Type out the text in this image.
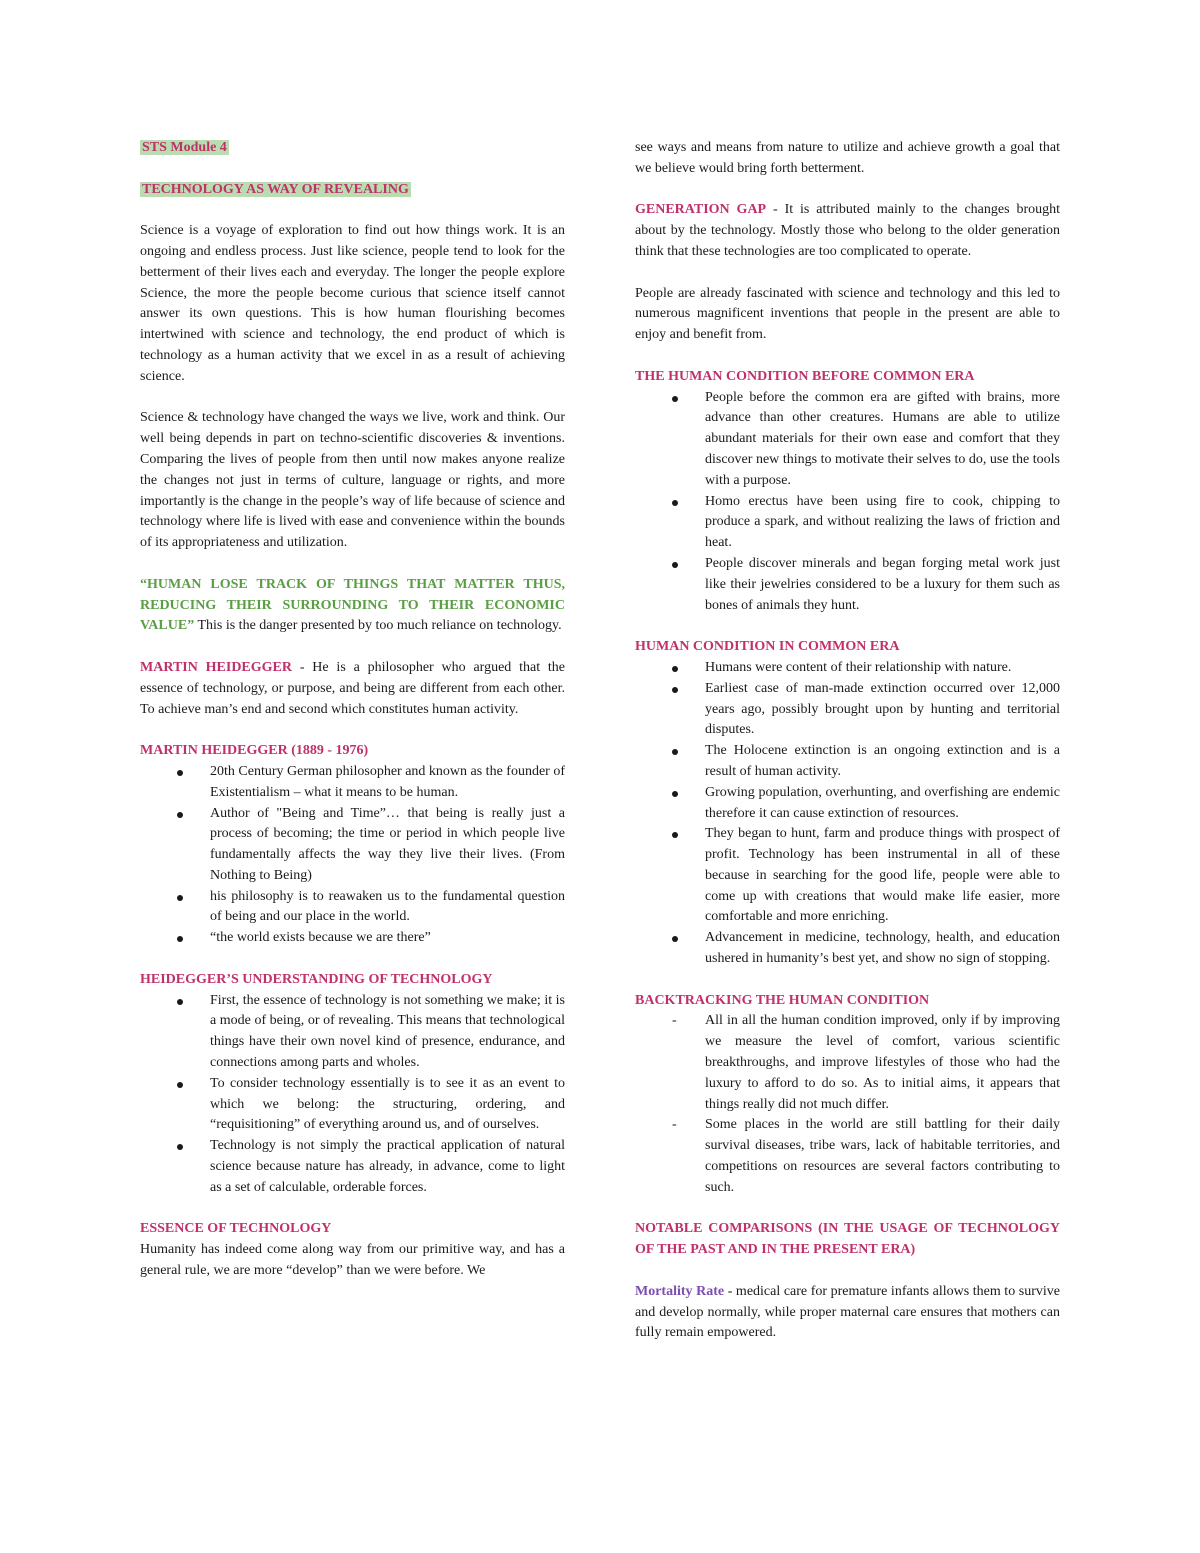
STS Module 4

TECHNOLOGY AS WAY OF REVEALING

Science is a voyage of exploration to find out how things work. It is an ongoing and endless process. Just like science, people tend to look for the betterment of their lives each and everyday. The longer the people explore Science, the more the people become curious that science itself cannot answer its own questions. This is how human flourishing becomes intertwined with science and technology, the end product of which is technology as a human activity that we excel in as a result of achieving science.

Science & technology have changed the ways we live, work and think. Our well being depends in part on techno-scientific discoveries & inventions. Comparing the lives of people from then until now makes anyone realize the changes not just in terms of culture, language or rights, and more importantly is the change in the people’s way of life because of science and technology where life is lived with ease and convenience within the bounds of its appropriateness and utilization.

“HUMAN LOSE TRACK OF THINGS THAT MATTER THUS, REDUCING THEIR SURROUNDING TO THEIR ECONOMIC VALUE” This is the danger presented by too much reliance on technology.

MARTIN HEIDEGGER - He is a philosopher who argued that the essence of technology, or purpose, and being are different from each other. To achieve man’s end and second which constitutes human activity.

MARTIN HEIDEGGER (1889 - 1976)

20th Century German philosopher and known as the founder of Existentialism – what it means to be human.
Author of "Being and Time”… that being is really just a process of becoming; the time or period in which people live fundamentally affects the way they live their lives. (From Nothing to Being)
his philosophy is to reawaken us to the fundamental question of being and our place in the world.
“the world exists because we are there”

HEIDEGGER’S UNDERSTANDING OF TECHNOLOGY

First, the essence of technology is not something we make; it is a mode of being, or of revealing. This means that technological things have their own novel kind of presence, endurance, and connections among parts and wholes.
To consider technology essentially is to see it as an event to which we belong: the structuring, ordering, and “requisitioning” of everything around us, and of ourselves.
Technology is not simply the practical application of natural science because nature has already, in advance, come to light as a set of calculable, orderable forces.

ESSENCE OF TECHNOLOGY

Humanity has indeed come along way from our primitive way, and has a general rule, we are more “develop” than we were before. We

see ways and means from nature to utilize and achieve growth a goal that we believe would bring forth betterment.

GENERATION GAP - It is attributed mainly to the changes brought about by the technology. Mostly those who belong to the older generation think that these technologies are too complicated to operate.

People are already fascinated with science and technology and this led to numerous magnificent inventions that people in the present are able to enjoy and benefit from.

THE HUMAN CONDITION BEFORE COMMON ERA

People before the common era are gifted with brains, more advance than other creatures. Humans are able to utilize abundant materials for their own ease and comfort that they discover new things to motivate their selves to do, use the tools with a purpose.
Homo erectus have been using fire to cook, chipping to produce a spark, and without realizing the laws of friction and heat.
People discover minerals and began forging metal work just like their jewelries considered to be a luxury for them such as bones of animals they hunt.

HUMAN CONDITION IN COMMON ERA

Humans were content of their relationship with nature.
Earliest case of man-made extinction occurred over 12,000 years ago, possibly brought upon by hunting and territorial disputes.
The Holocene extinction is an ongoing extinction and is a result of human activity.
Growing population, overhunting, and overfishing are endemic therefore it can cause extinction of resources.
They began to hunt, farm and produce things with prospect of profit. Technology has been instrumental in all of these because in searching for the good life, people were able to come up with creations that would make life easier, more comfortable and more enriching.
Advancement in medicine, technology, health, and education ushered in humanity’s best yet, and show no sign of stopping.

BACKTRACKING THE HUMAN CONDITION

- All in all the human condition improved, only if by improving we measure the level of comfort, various scientific breakthroughs, and improve lifestyles of those who had the luxury to afford to do so. As to initial aims, it appears that things really did not much differ.
- Some places in the world are still battling for their daily survival diseases, tribe wars, lack of habitable territories, and competitions on resources are several factors contributing to such.

NOTABLE COMPARISONS (IN THE USAGE OF TECHNOLOGY OF THE PAST AND IN THE PRESENT ERA)

Mortality Rate - medical care for premature infants allows them to survive and develop normally, while proper maternal care ensures that mothers can fully remain empowered.
